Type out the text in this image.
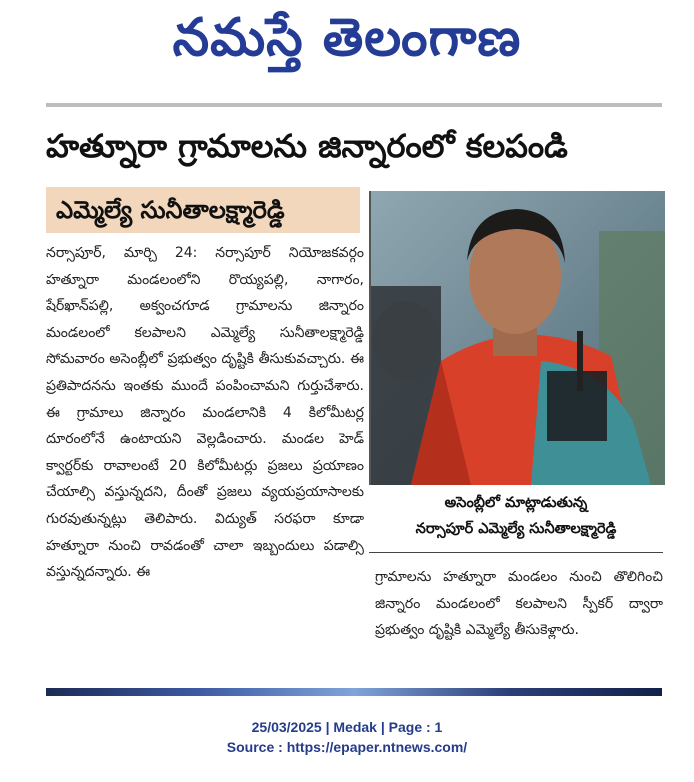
నమస్తే తెలంగాణ
హత్నూరా గ్రామాలను జిన్నారంలో కలపండి
ఎమ్మెల్యే సునీతాలక్ష్మారెడ్డి

నర్సాపూర్, మార్చి 24: నర్సాపూర్ నియోజకవర్గం హత్నూరా మండలంలోని రొయ్యపల్లి, నాగారం, షేర్‌ఖాన్‌పల్లి, అక్వంచగూడ గ్రామాలను జిన్నారం మండలంలో కలపాలని ఎమ్మెల్యే సునీతాలక్ష్మారెడ్డి సోమవారం అసెంబ్లీలో ప్రభుత్వం దృష్టికి తీసుకువచ్చారు. ఈ ప్రతిపాదనను ఇంతకు ముందే పంపించామని గుర్తుచేశారు. ఈ గ్రామాలు జిన్నారం మండలానికి 4 కిలోమీటర్ల దూరంలోనే ఉంటాయని వెల్లడించారు. మండల హెడ్ క్వార్టర్‌కు రావాలంటే 20 కిలోమీటర్లు ప్రజలు ప్రయాణం చేయాల్సి వస్తున్నదని, దీంతో ప్రజలు వ్యయప్రయాసాలకు గురవుతున్నట్లు తెలిపారు. విద్యుత్ సరఫరా కూడా హత్నూరా నుంచి రావడంతో చాలా ఇబ్బందులు పడాల్సి వస్తున్నదన్నారు. ఈ

అసెంబ్లీలో మాట్లాడుతున్న
నర్సాపూర్ ఎమ్మెల్యే సునీతాలక్ష్మారెడ్డి

గ్రామాలను హత్నూరా మండలం నుంచి తొలిగించి జిన్నారం మండలంలో కలపాలని స్పీకర్ ద్వారా ప్రభుత్వం దృష్టికి ఎమ్మెల్యే తీసుకెళ్లారు.

25/03/2025 | Medak | Page : 1
Source : https://epaper.ntnews.com/
